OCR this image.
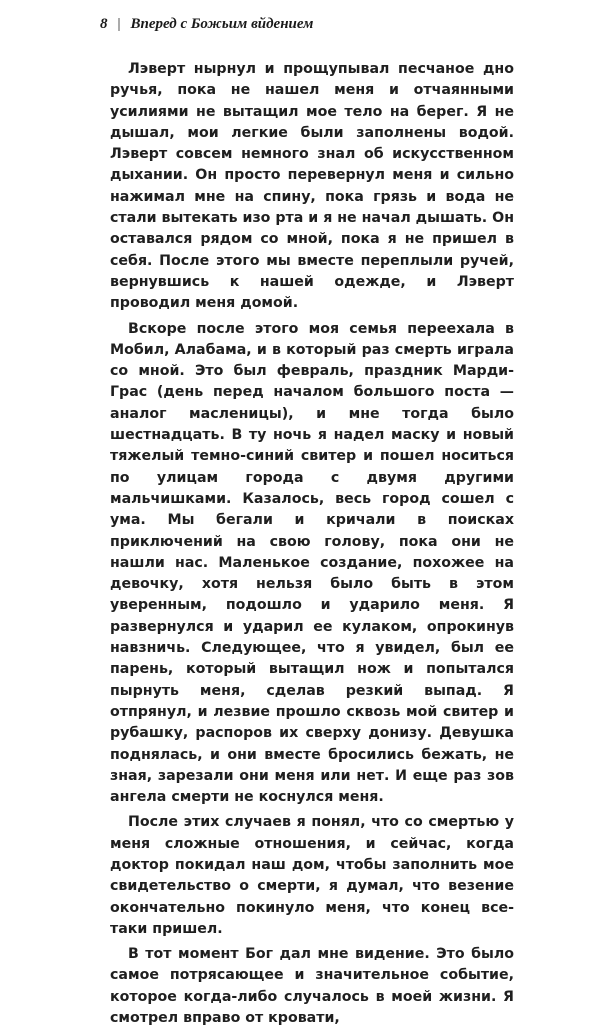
8 | Вперед с Божьим вйдением

Лэверт нырнул и прощупывал песчаное дно ручья, пока не нашел меня и отчаянными усилиями не вытащил мое тело на берег. Я не дышал, мои легкие были заполнены водой. Лэверт совсем немного знал об искусственном дыхании. Он просто перевернул меня и сильно нажимал мне на спину, пока грязь и вода не стали вытекать изо рта и я не начал дышать. Он оставался рядом со мной, пока я не пришел в себя. После этого мы вместе переплыли ручей, вернувшись к нашей одежде, и Лэверт проводил меня домой.

Вскоре после этого моя семья переехала в Мобил, Алабама, и в который раз смерть играла со мной. Это был февраль, праздник Марди-Грас (день перед началом большого поста — аналог масленицы), и мне тогда было шестнадцать. В ту ночь я надел маску и новый тяжелый темно-синий свитер и пошел носиться по улицам города с двумя другими мальчишками. Казалось, весь город сошел с ума. Мы бегали и кричали в поисках приключений на свою голову, пока они не нашли нас. Маленькое создание, похожее на девочку, хотя нельзя было быть в этом уверенным, подошло и ударило меня. Я развернулся и ударил ее кулаком, опрокинув навзничь. Следующее, что я увидел, был ее парень, который вытащил нож и попытался пырнуть меня, сделав резкий выпад. Я отпрянул, и лезвие прошло сквозь мой свитер и рубашку, распоров их сверху донизу. Девушка поднялась, и они вместе бросились бежать, не зная, зарезали они меня или нет. И еще раз зов ангела смерти не коснулся меня.

После этих случаев я понял, что со смертью у меня сложные отношения, и сейчас, когда доктор покидал наш дом, чтобы заполнить мое свидетельство о смерти, я думал, что везение окончательно покинуло меня, что конец все-таки пришел.

В тот момент Бог дал мне видение. Это было самое потрясающее и значительное событие, которое когда-либо случалось в моей жизни. Я смотрел вправо от кровати,
